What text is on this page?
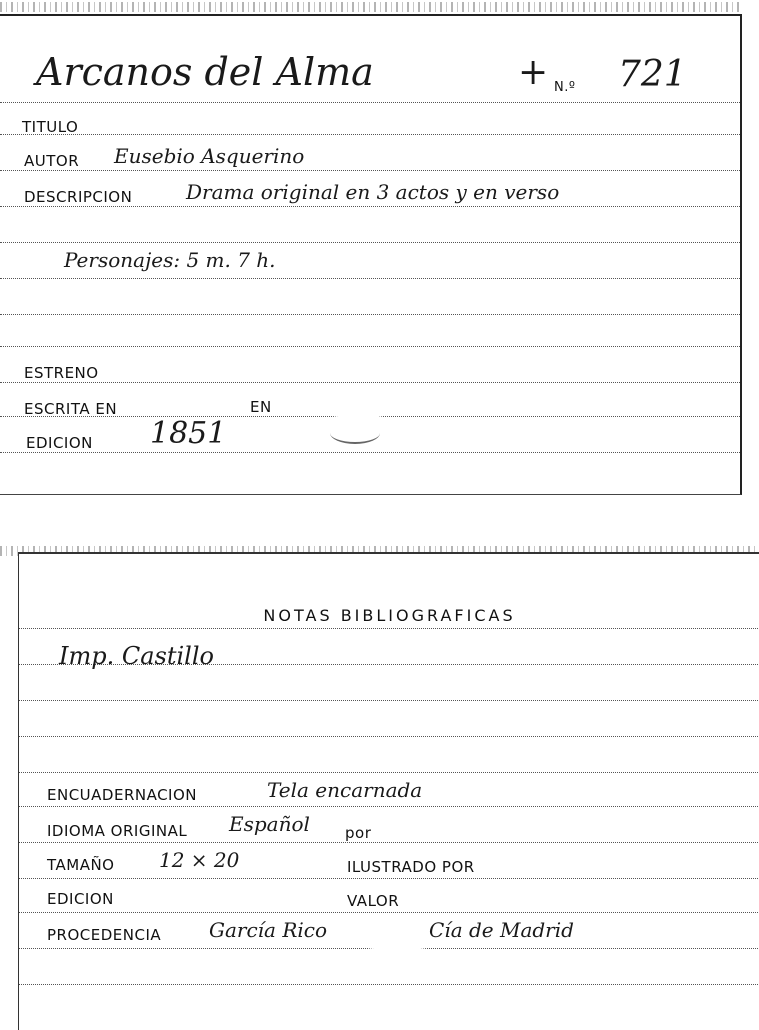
Arcanos del Alma	+ N.º 721
TITULO
AUTOR Eusebio Asquerino
DESCRIPCION	Drama original en 3 actos y en verso
Personajes: 5 m. 7 h.
ESTRENO
ESCRITA EN	EN
EDICION 1851
NOTAS BIBLIOGRAFICAS
Imp. Castillo
ENCUADERNACION	Tela encarnada
IDIOMA ORIGINAL Español por
TAMAÑO 12 × 20	ILUSTRADO POR
EDICION	VALOR
PROCEDENCIA García Rico	Cía de Madrid
